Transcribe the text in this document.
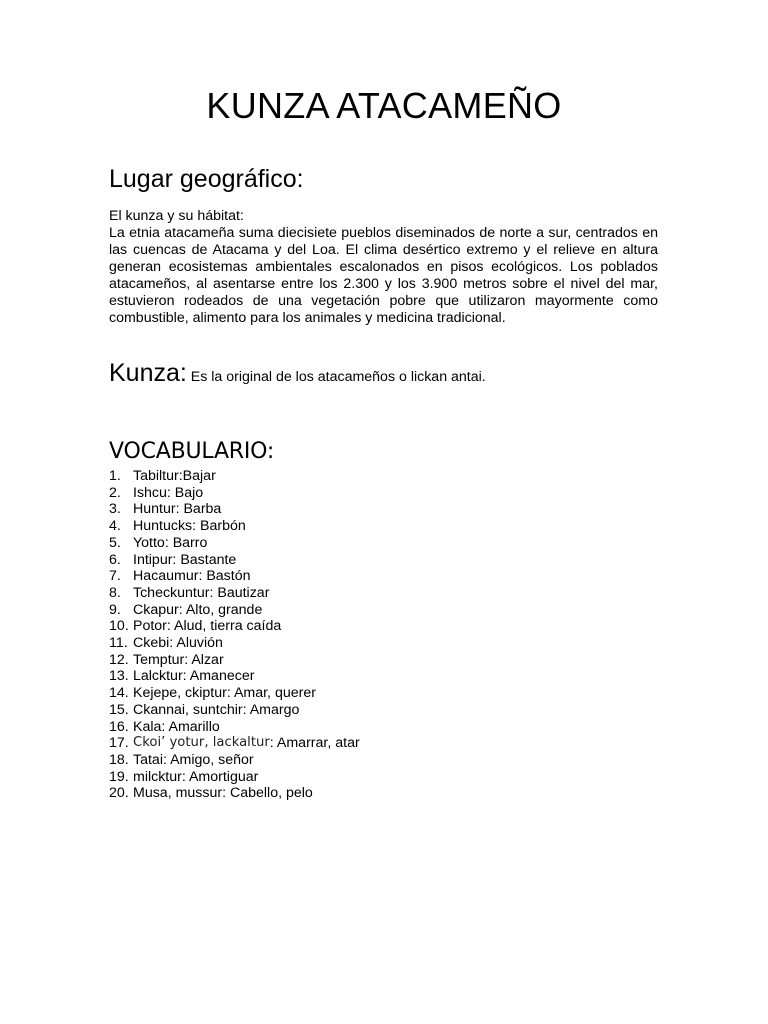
KUNZA ATACAMEÑO
Lugar geográfico:
El kunza y su hábitat:
La etnia atacameña suma diecisiete pueblos diseminados de norte a sur, centrados en las cuencas de Atacama y del Loa. El clima desértico extremo y el relieve en altura generan ecosistemas ambientales escalonados en pisos ecológicos. Los poblados atacameños, al asentarse entre los 2.300 y los 3.900 metros sobre el nivel del mar, estuvieron rodeados de una vegetación pobre que utilizaron mayormente como combustible, alimento para los animales y medicina tradicional.
Kunza: Es la original de los atacameños o lickan antai.
VOCABULARIO:
1. Tabiltur:Bajar
2. Ishcu: Bajo
3. Huntur: Barba
4. Huntucks: Barbón
5. Yotto: Barro
6. Intipur: Bastante
7. Hacaumur: Bastón
8. Tcheckuntur: Bautizar
9. Ckapur: Alto, grande
10. Potor: Alud, tierra caída
11. Ckebi: Aluvión
12. Temptur: Alzar
13. Lalcktur: Amanecer
14. Kejepe, ckiptur: Amar, querer
15. Ckannai, suntchir: Amargo
16. Kala: Amarillo
17. Ckoi’ yotur, lackaltur : Amarrar, atar
18. Tatai: Amigo, señor
19. milcktur: Amortiguar
20. Musa, mussur: Cabello, pelo
